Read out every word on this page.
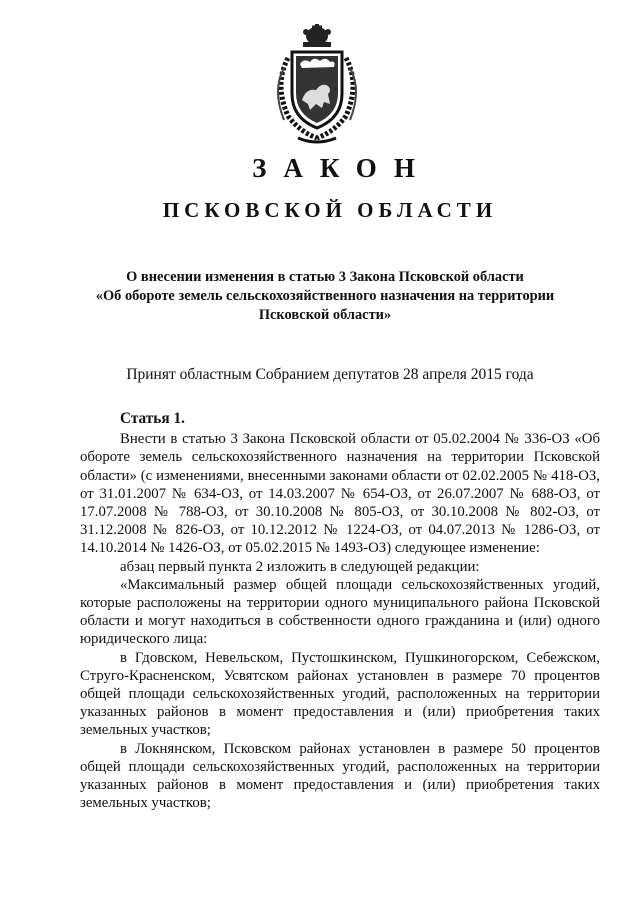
ЗАКОН
ПСКОВСКОЙ ОБЛАСТИ
О внесении изменения в статью 3 Закона Псковской области
«Об обороте земель сельскохозяйственного назначения на территории
Псковской области»
Принят областным Собранием депутатов 28 апреля 2015 года

Статья 1.

Внести в статью 3 Закона Псковской области от 05.02.2004 № 336-ОЗ «Об обороте земель сельскохозяйственного назначения на территории Псковской области» (с изменениями, внесенными законами области от 02.02.2005 № 418-ОЗ, от 31.01.2007 № 634-ОЗ, от 14.03.2007 № 654-ОЗ, от 26.07.2007 № 688-ОЗ, от 17.07.2008 № 788-ОЗ, от 30.10.2008 № 805-ОЗ, от 30.10.2008 № 802-ОЗ, от 31.12.2008 № 826-ОЗ, от 10.12.2012 № 1224-ОЗ, от 04.07.2013 № 1286-ОЗ, от 14.10.2014 № 1426-ОЗ, от 05.02.2015 № 1493-ОЗ) следующее изменение:

абзац первый пункта 2 изложить в следующей редакции:

«Максимальный размер общей площади сельскохозяйственных угодий, которые расположены на территории одного муниципального района Псковской области и могут находиться в собственности одного гражданина и (или) одного юридического лица:

в Гдовском, Невельском, Пустошкинском, Пушкиногорском, Себежском, Струго-Красненском, Усвятском районах установлен в размере 70 процентов общей площади сельскохозяйственных угодий, расположенных на территории указанных районов в момент предоставления и (или) приобретения таких земельных участков;

в Локнянском, Псковском районах установлен в размере 50 процентов общей площади сельскохозяйственных угодий, расположенных на территории указанных районов в момент предоставления и (или) приобретения таких земельных участков;
